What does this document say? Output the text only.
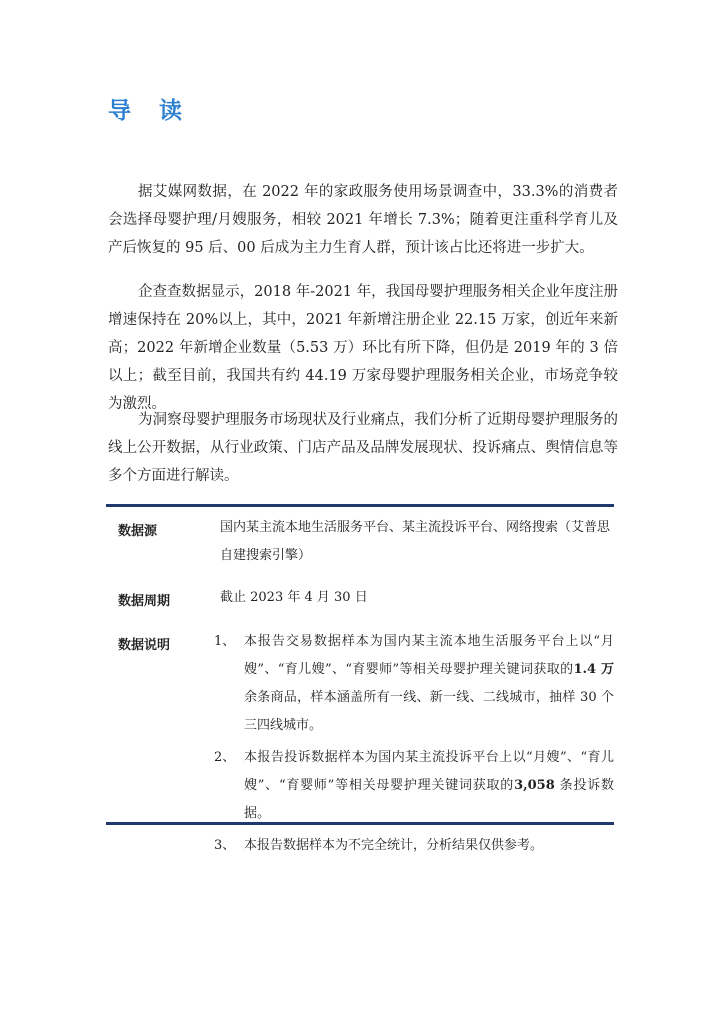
导 读

据艾媒网数据，在 2022 年的家政服务使用场景调查中，33.3%的消费者会选择母婴护理/月嫂服务，相较 2021 年增长 7.3%；随着更注重科学育儿及产后恢复的 95 后、00 后成为主力生育人群，预计该占比还将进一步扩大。

企查查数据显示，2018 年-2021 年，我国母婴护理服务相关企业年度注册增速保持在 20%以上，其中，2021 年新增注册企业 22.15 万家，创近年来新高；2022 年新增企业数量（5.53 万）环比有所下降，但仍是 2019 年的 3 倍以上；截至目前，我国共有约 44.19 万家母婴护理服务相关企业，市场竞争较为激烈。

为洞察母婴护理服务市场现状及行业痛点，我们分析了近期母婴护理服务的线上公开数据，从行业政策、门店产品及品牌发展现状、投诉痛点、舆情信息等多个方面进行解读。

数据源	国内某主流本地生活服务平台、某主流投诉平台、网络搜索（艾普思自建搜索引擎）

数据周期	截止 2023 年 4 月 30 日

数据说明	1、 本报告交易数据样本为国内某主流本地生活服务平台上以“月嫂”、“育儿嫂”、“育婴师”等相关母婴护理关键词获取的1.4 万余条商品，样本涵盖所有一线、新一线、二线城市，抽样 30 个三四线城市。
2、 本报告投诉数据样本为国内某主流投诉平台上以“月嫂”、“育儿嫂”、“育婴师”等相关母婴护理关键词获取的3,058 条投诉数据。
3、 本报告数据样本为不完全统计，分析结果仅供参考。
